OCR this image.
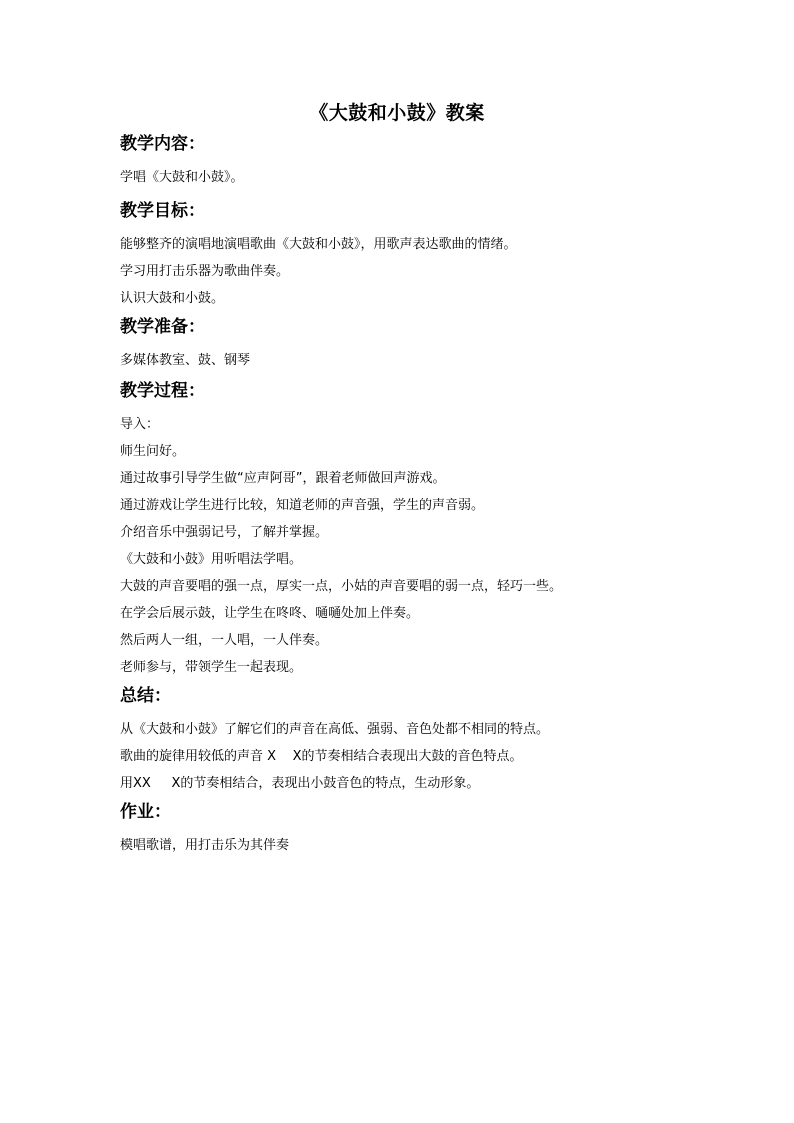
《大鼓和小鼓》教案
教学内容：
学唱《大鼓和小鼓》。
教学目标：
能够整齐的演唱地演唱歌曲《大鼓和小鼓》，用歌声表达歌曲的情绪。
学习用打击乐器为歌曲伴奏。
认识大鼓和小鼓。
教学准备：
多媒体教室、鼓、钢琴
教学过程：
导入：
师生问好。
通过故事引导学生做“应声阿哥”，跟着老师做回声游戏。
通过游戏让学生进行比较，知道老师的声音强，学生的声音弱。
介绍音乐中强弱记号，了解并掌握。
《大鼓和小鼓》用听唱法学唱。
大鼓的声音要唱的强一点，厚实一点，小姑的声音要唱的弱一点，轻巧一些。
在学会后展示鼓，让学生在咚咚、嗵嗵处加上伴奏。
然后两人一组，一人唱，一人伴奏。
老师参与，带领学生一起表现。
总结：
从《大鼓和小鼓》了解它们的声音在高低、强弱、音色处都不相同的特点。
歌曲的旋律用较低的声音 X    X的节奏相结合表现出大鼓的音色特点。
用XX     X的节奏相结合，表现出小鼓音色的特点，生动形象。
作业：
模唱歌谱，用打击乐为其伴奏
